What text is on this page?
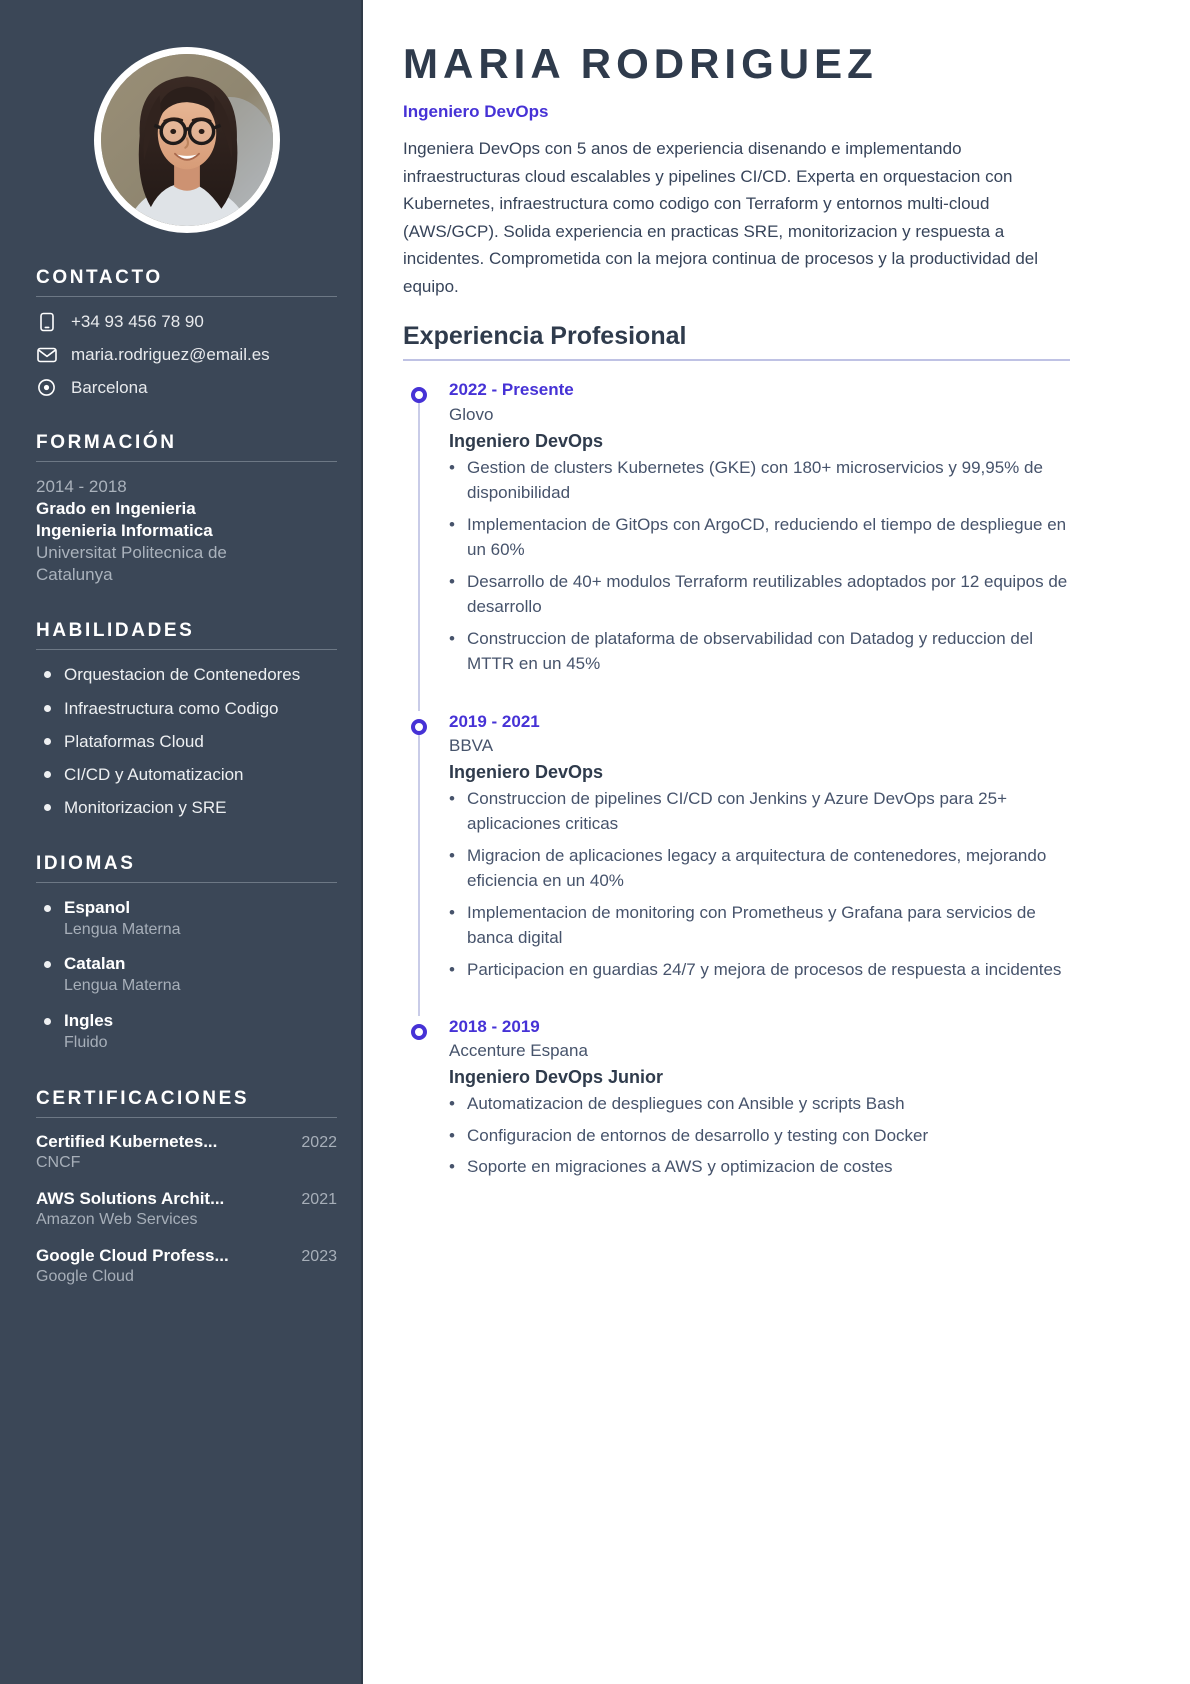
CONTACTO
+34 93 456 78 90
maria.rodriguez@email.es
Barcelona
FORMACIÓN
2014 - 2018
Grado en Ingenieria
Ingenieria Informatica
Universitat Politecnica de
Catalunya
HABILIDADES
Orquestacion de Contenedores
Infraestructura como Codigo
Plataformas Cloud
CI/CD y Automatizacion
Monitorizacion y SRE
IDIOMAS
Espanol
Lengua Materna
Catalan
Lengua Materna
Ingles
Fluido
CERTIFICACIONES
Certified Kubernetes...	2022
CNCF
AWS Solutions Archit...	2021
Amazon Web Services
Google Cloud Profess...	2023
Google Cloud
MARIA RODRIGUEZ
Ingeniero DevOps

Ingeniera DevOps con 5 anos de experiencia disenando e implementando infraestructuras cloud escalables y pipelines CI/CD. Experta en orquestacion con Kubernetes, infraestructura como codigo con Terraform y entornos multi-cloud (AWS/GCP). Solida experiencia en practicas SRE, monitorizacion y respuesta a incidentes. Comprometida con la mejora continua de procesos y la productividad del equipo.

Experiencia Profesional
2022 - Presente
Glovo
Ingeniero DevOps
• Gestion de clusters Kubernetes (GKE) con 180+ microservicios y 99,95% de disponibilidad
• Implementacion de GitOps con ArgoCD, reduciendo el tiempo de despliegue en un 60%
• Desarrollo de 40+ modulos Terraform reutilizables adoptados por 12 equipos de desarrollo
• Construccion de plataforma de observabilidad con Datadog y reduccion del MTTR en un 45%
2019 - 2021
BBVA
Ingeniero DevOps
• Construccion de pipelines CI/CD con Jenkins y Azure DevOps para 25+ aplicaciones criticas
• Migracion de aplicaciones legacy a arquitectura de contenedores, mejorando eficiencia en un 40%
• Implementacion de monitoring con Prometheus y Grafana para servicios de banca digital
• Participacion en guardias 24/7 y mejora de procesos de respuesta a incidentes
2018 - 2019
Accenture Espana
Ingeniero DevOps Junior
• Automatizacion de despliegues con Ansible y scripts Bash
• Configuracion de entornos de desarrollo y testing con Docker
• Soporte en migraciones a AWS y optimizacion de costes
